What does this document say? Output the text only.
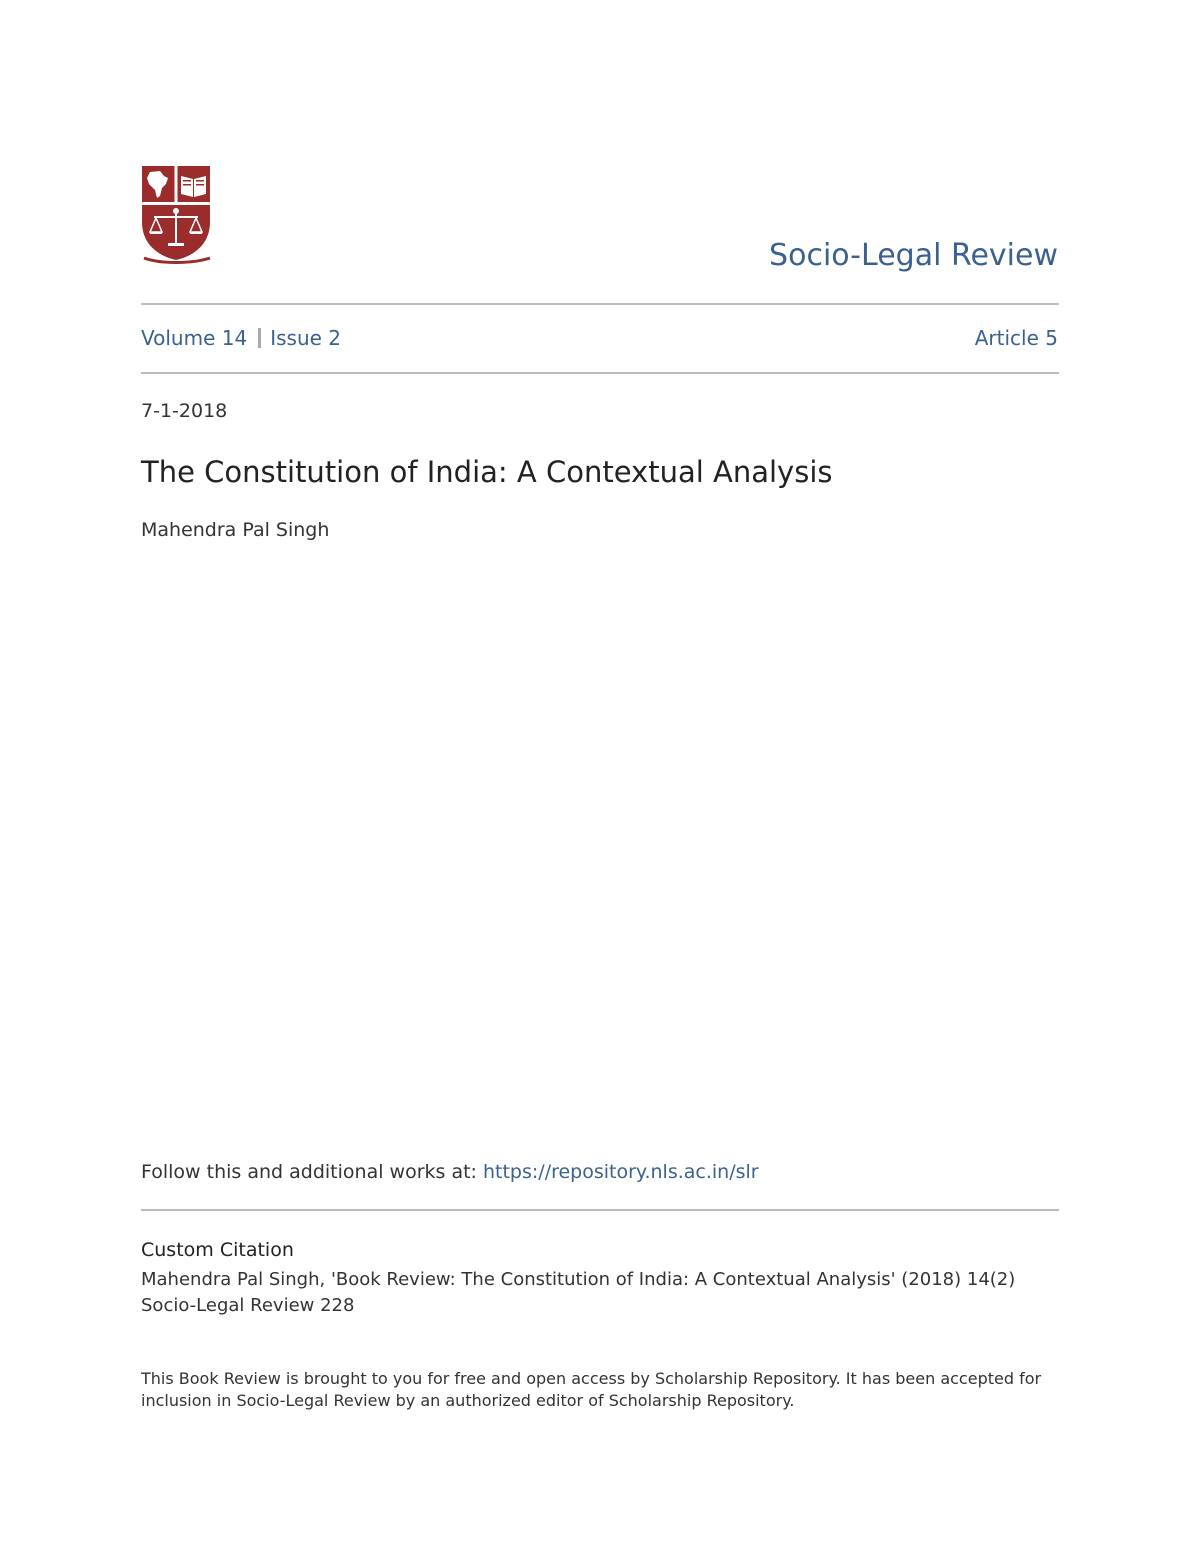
Socio-Legal Review
Volume 14 Issue 2	Article 5
7-1-2018
The Constitution of India: A Contextual Analysis
Mahendra Pal Singh
Follow this and additional works at: https://repository.nls.ac.in/slr
Custom Citation
Mahendra Pal Singh, 'Book Review: The Constitution of India: A Contextual Analysis' (2018) 14(2) Socio-Legal Review 228
This Book Review is brought to you for free and open access by Scholarship Repository. It has been accepted for inclusion in Socio-Legal Review by an authorized editor of Scholarship Repository.
